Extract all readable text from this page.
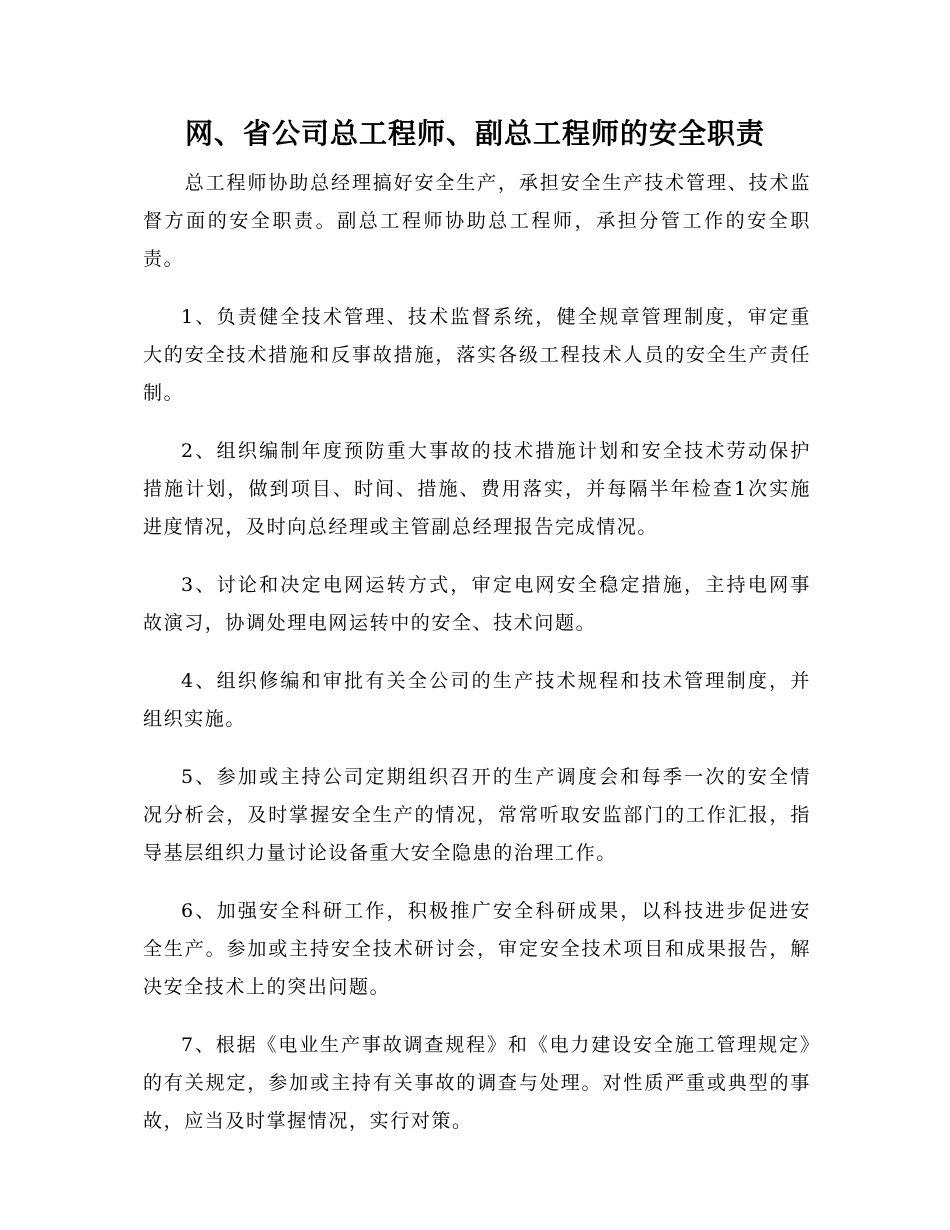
网、省公司总工程师、副总工程师的安全职责

总工程师协助总经理搞好安全生产，承担安全生产技术管理、技术监督方面的安全职责。副总工程师协助总工程师，承担分管工作的安全职责。

1、负责健全技术管理、技术监督系统，健全规章管理制度，审定重大的安全技术措施和反事故措施，落实各级工程技术人员的安全生产责任制。

2、组织编制年度预防重大事故的技术措施计划和安全技术劳动保护措施计划，做到项目、时间、措施、费用落实，并每隔半年检查1次实施进度情况，及时向总经理或主管副总经理报告完成情况。

3、讨论和决定电网运转方式，审定电网安全稳定措施，主持电网事故演习，协调处理电网运转中的安全、技术问题。

4、组织修编和审批有关全公司的生产技术规程和技术管理制度，并组织实施。

5、参加或主持公司定期组织召开的生产调度会和每季一次的安全情况分析会，及时掌握安全生产的情况，常常听取安监部门的工作汇报，指导基层组织力量讨论设备重大安全隐患的治理工作。

6、加强安全科研工作，积极推广安全科研成果，以科技进步促进安全生产。参加或主持安全技术研讨会，审定安全技术项目和成果报告，解决安全技术上的突出问题。

7、根据《电业生产事故调查规程》和《电力建设安全施工管理规定》的有关规定，参加或主持有关事故的调查与处理。对性质严重或典型的事故，应当及时掌握情况，实行对策。
